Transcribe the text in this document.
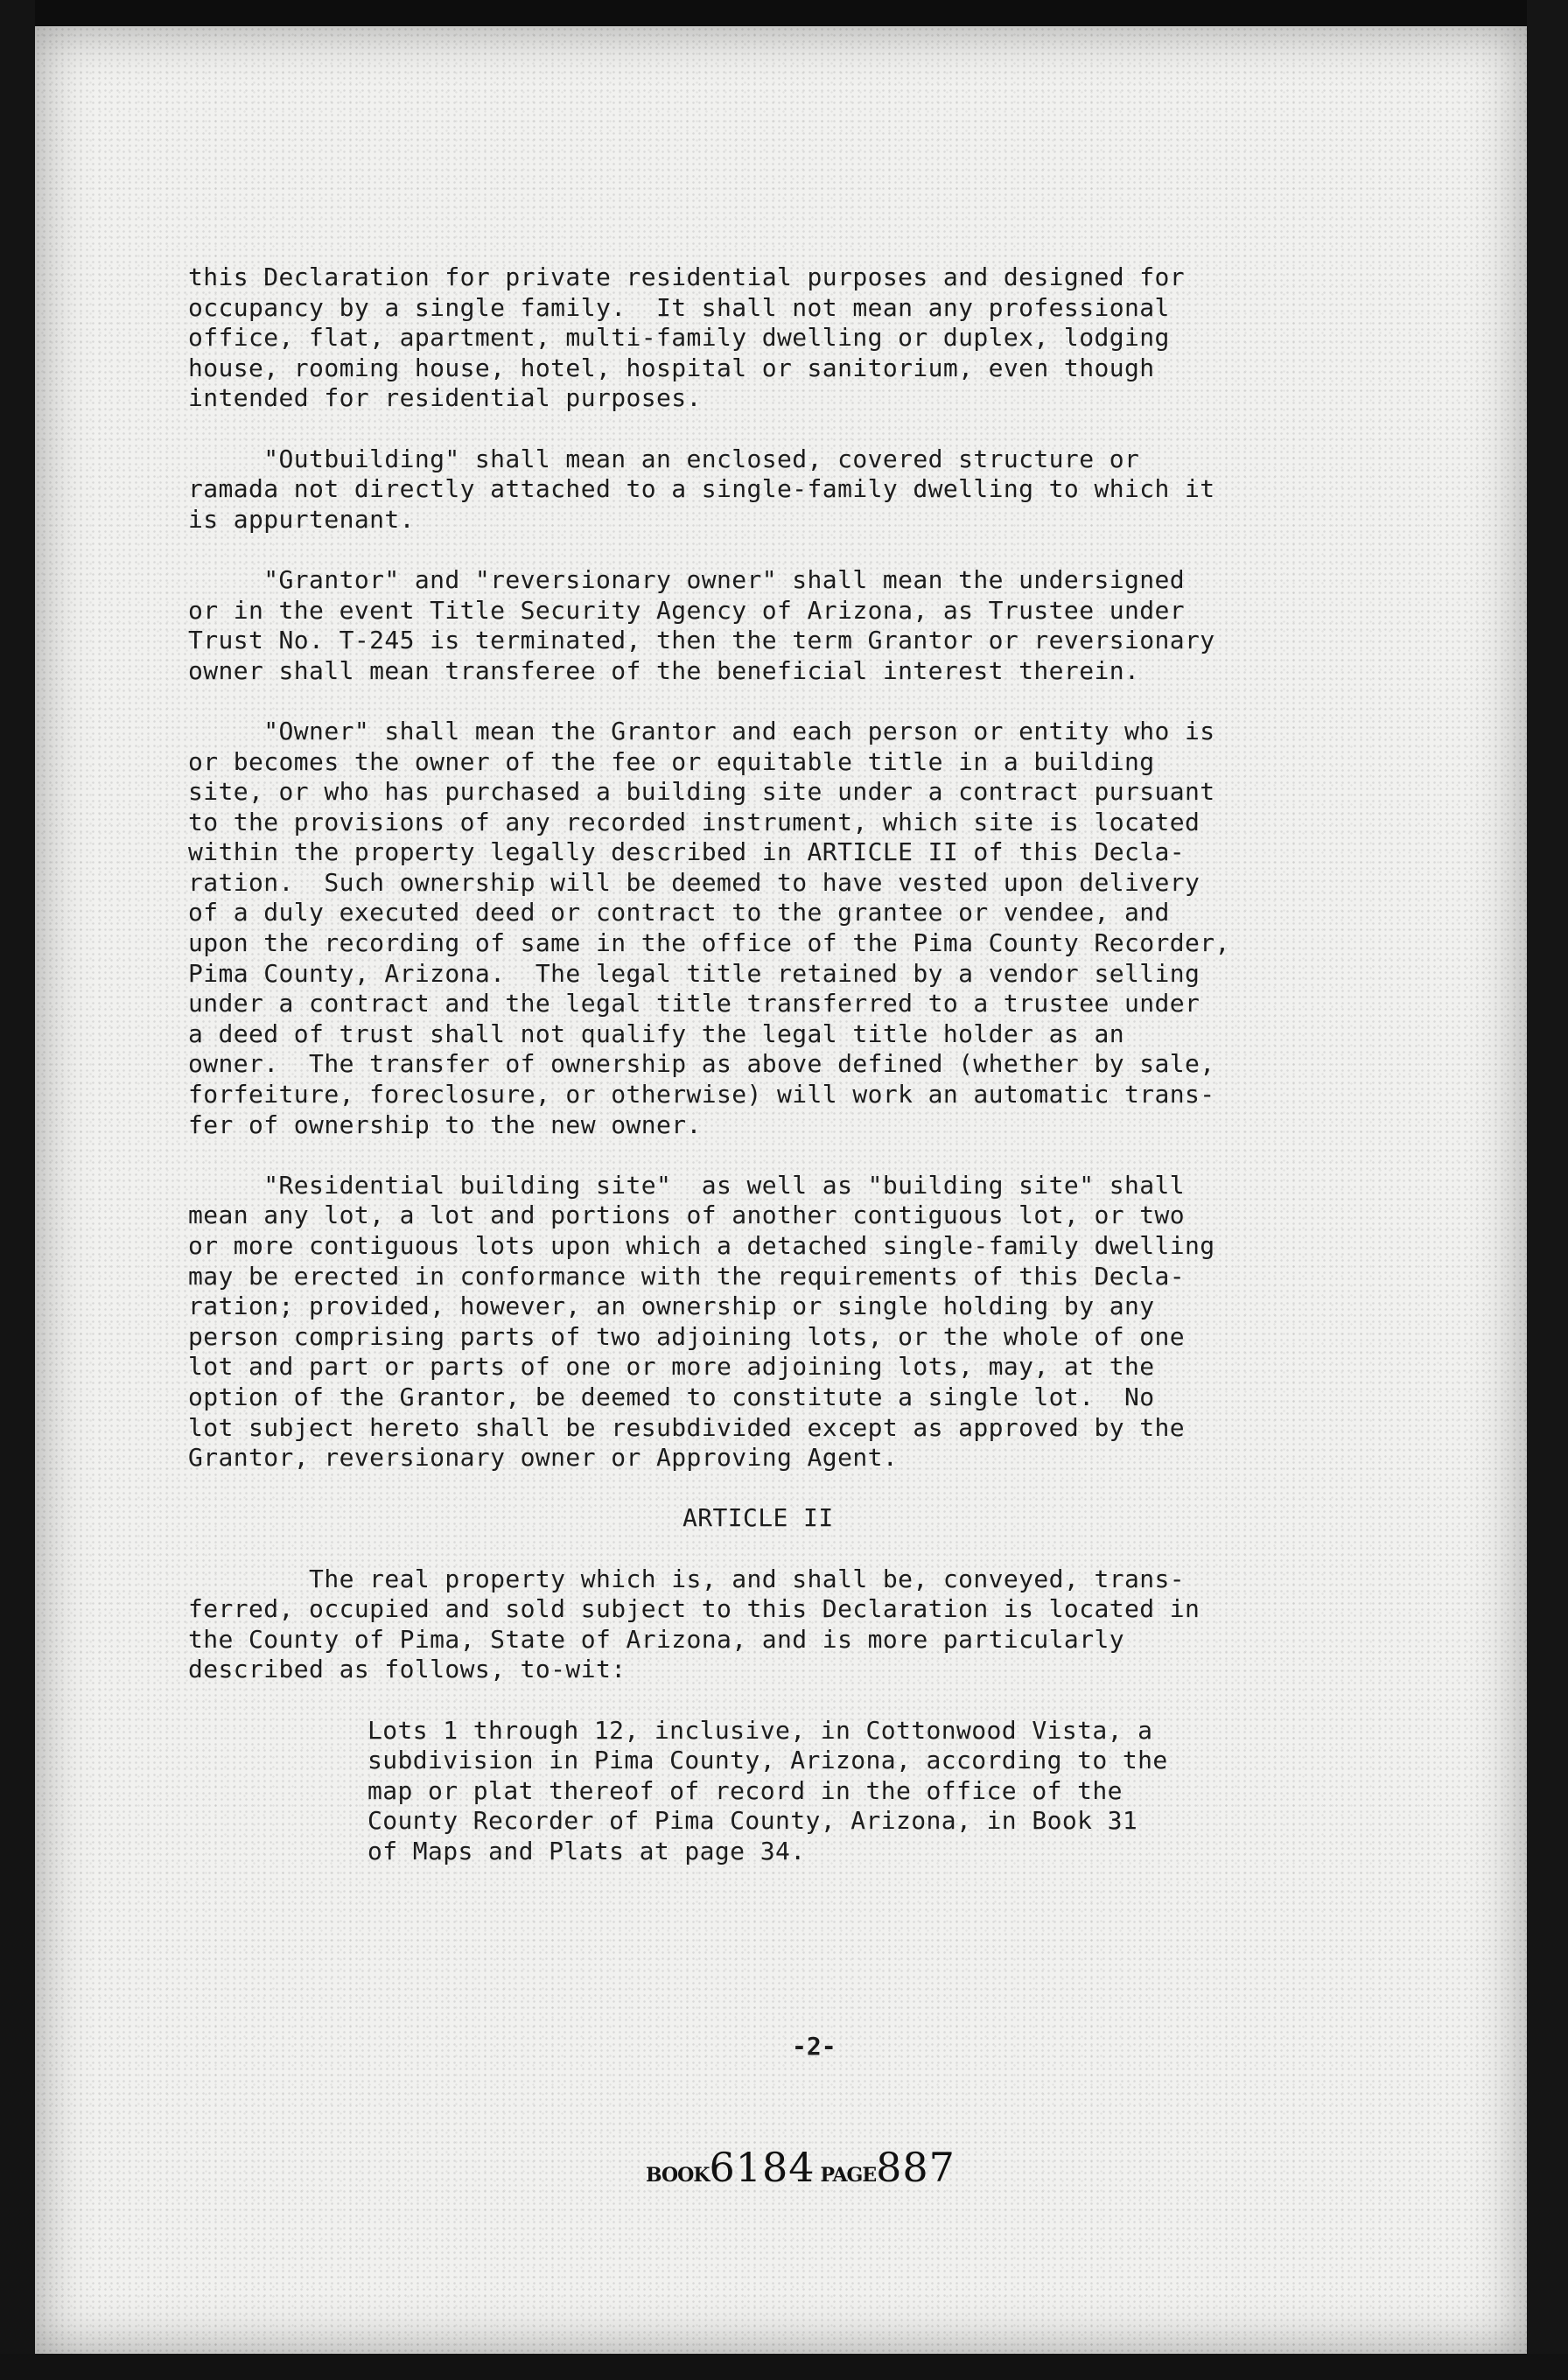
this Declaration for private residential purposes and designed for
occupancy by a single family.  It shall not mean any professional
office, flat, apartment, multi-family dwelling or duplex, lodging
house, rooming house, hotel, hospital or sanitorium, even though
intended for residential purposes.
"Outbuilding" shall mean an enclosed, covered structure or
ramada not directly attached to a single-family dwelling to which it
is appurtenant.
"Grantor" and "reversionary owner" shall mean the undersigned
or in the event Title Security Agency of Arizona, as Trustee under
Trust No. T-245 is terminated, then the term Grantor or reversionary
owner shall mean transferee of the beneficial interest therein.
"Owner" shall mean the Grantor and each person or entity who is
or becomes the owner of the fee or equitable title in a building
site, or who has purchased a building site under a contract pursuant
to the provisions of any recorded instrument, which site is located
within the property legally described in ARTICLE II of this Decla-
ration.  Such ownership will be deemed to have vested upon delivery
of a duly executed deed or contract to the grantee or vendee, and
upon the recording of same in the office of the Pima County Recorder,
Pima County, Arizona.  The legal title retained by a vendor selling
under a contract and the legal title transferred to a trustee under
a deed of trust shall not qualify the legal title holder as an
owner.  The transfer of ownership as above defined (whether by sale,
forfeiture, foreclosure, or otherwise) will work an automatic trans-
fer of ownership to the new owner.
"Residential building site"  as well as "building site" shall
mean any lot, a lot and portions of another contiguous lot, or two
or more contiguous lots upon which a detached single-family dwelling
may be erected in conformance with the requirements of this Decla-
ration; provided, however, an ownership or single holding by any
person comprising parts of two adjoining lots, or the whole of one
lot and part or parts of one or more adjoining lots, may, at the
option of the Grantor, be deemed to constitute a single lot.  No
lot subject hereto shall be resubdivided except as approved by the
Grantor, reversionary owner or Approving Agent.
ARTICLE II
The real property which is, and shall be, conveyed, trans-
ferred, occupied and sold subject to this Declaration is located in
the County of Pima, State of Arizona, and is more particularly
described as follows, to-wit:
Lots 1 through 12, inclusive, in Cottonwood Vista, a
subdivision in Pima County, Arizona, according to the
map or plat thereof of record in the office of the
County Recorder of Pima County, Arizona, in Book 31
of Maps and Plats at page 34.
-2-
BOOK6184 PAGE887
